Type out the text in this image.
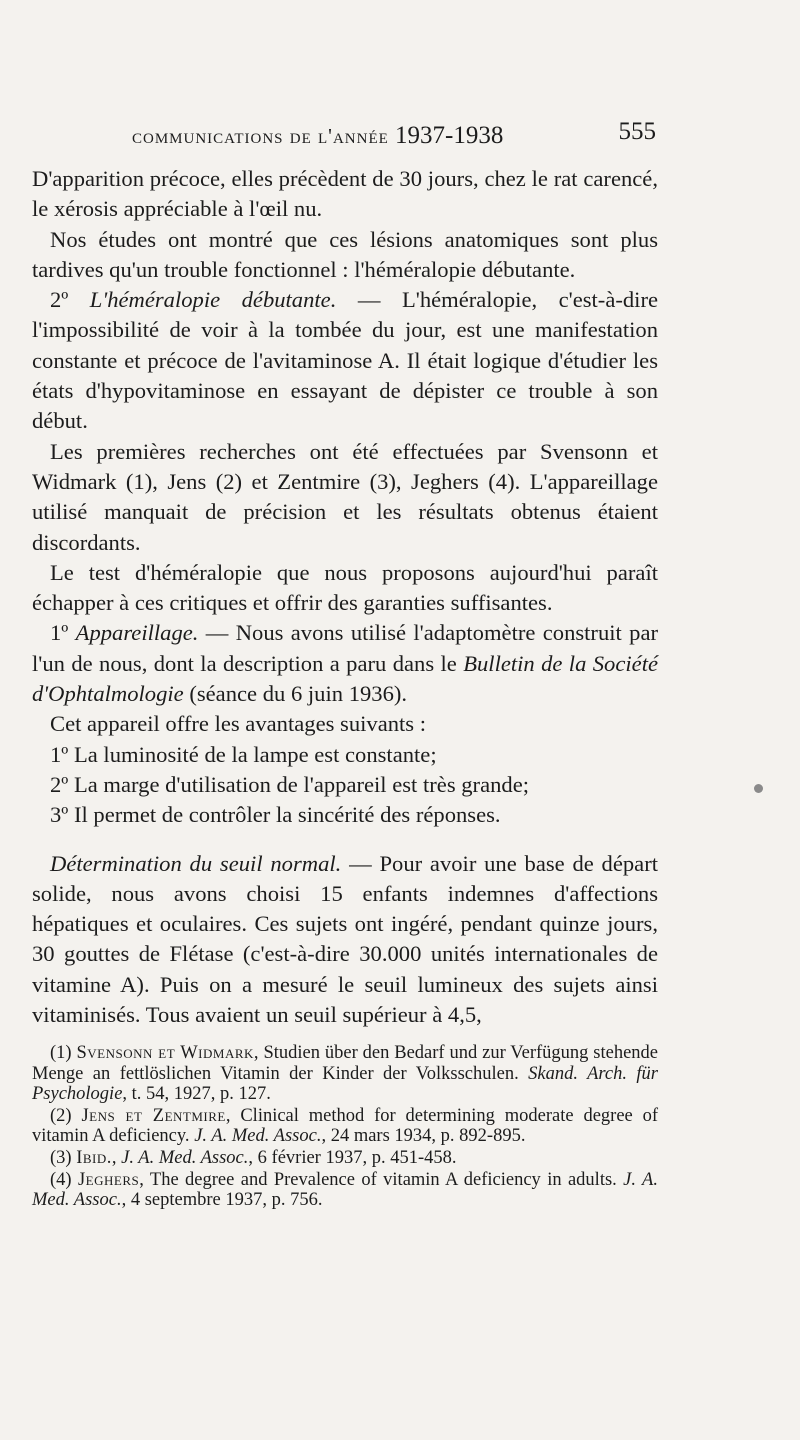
communications de l'année 1937-1938	555

D'apparition précoce, elles précèdent de 30 jours, chez le rat carencé, le xérosis appréciable à l'œil nu.

Nos études ont montré que ces lésions anatomiques sont plus tardives qu'un trouble fonctionnel : l'héméralopie débutante.

2º L'héméralopie débutante. — L'héméralopie, c'est-à-dire l'impossibilité de voir à la tombée du jour, est une manifestation constante et précoce de l'avitaminose A. Il était logique d'étudier les états d'hypovitaminose en essayant de dépister ce trouble à son début.

Les premières recherches ont été effectuées par Svensonn et Widmark (1), Jens (2) et Zentmire (3), Jeghers (4). L'appareillage utilisé manquait de précision et les résultats obtenus étaient discordants.

Le test d'héméralopie que nous proposons aujourd'hui paraît échapper à ces critiques et offrir des garanties suffisantes.

1º Appareillage. — Nous avons utilisé l'adaptomètre construit par l'un de nous, dont la description a paru dans le Bulletin de la Société d'Ophtalmologie (séance du 6 juin 1936).

Cet appareil offre les avantages suivants :

1º La luminosité de la lampe est constante;

2º La marge d'utilisation de l'appareil est très grande;

3º Il permet de contrôler la sincérité des réponses.

Détermination du seuil normal. — Pour avoir une base de départ solide, nous avons choisi 15 enfants indemnes d'affections hépatiques et oculaires. Ces sujets ont ingéré, pendant quinze jours, 30 gouttes de Flétase (c'est-à-dire 30.000 unités internationales de vitamine A). Puis on a mesuré le seuil lumineux des sujets ainsi vitaminisés. Tous avaient un seuil supérieur à 4,5,

(1) Svensonn et Widmark, Studien über den Bedarf und zur Verfügung stehende Menge an fettlöslichen Vitamin der Kinder der Volksschulen. Skand. Arch. für Psychologie, t. 54, 1927, p. 127.

(2) Jens et Zentmire, Clinical method for determining moderate degree of vitamin A deficiency. J. A. Med. Assoc., 24 mars 1934, p. 892-895.

(3) Ibid., J. A. Med. Assoc., 6 février 1937, p. 451-458.

(4) Jeghers, The degree and Prevalence of vitamin A deficiency in adults. J. A. Med. Assoc., 4 septembre 1937, p. 756.
